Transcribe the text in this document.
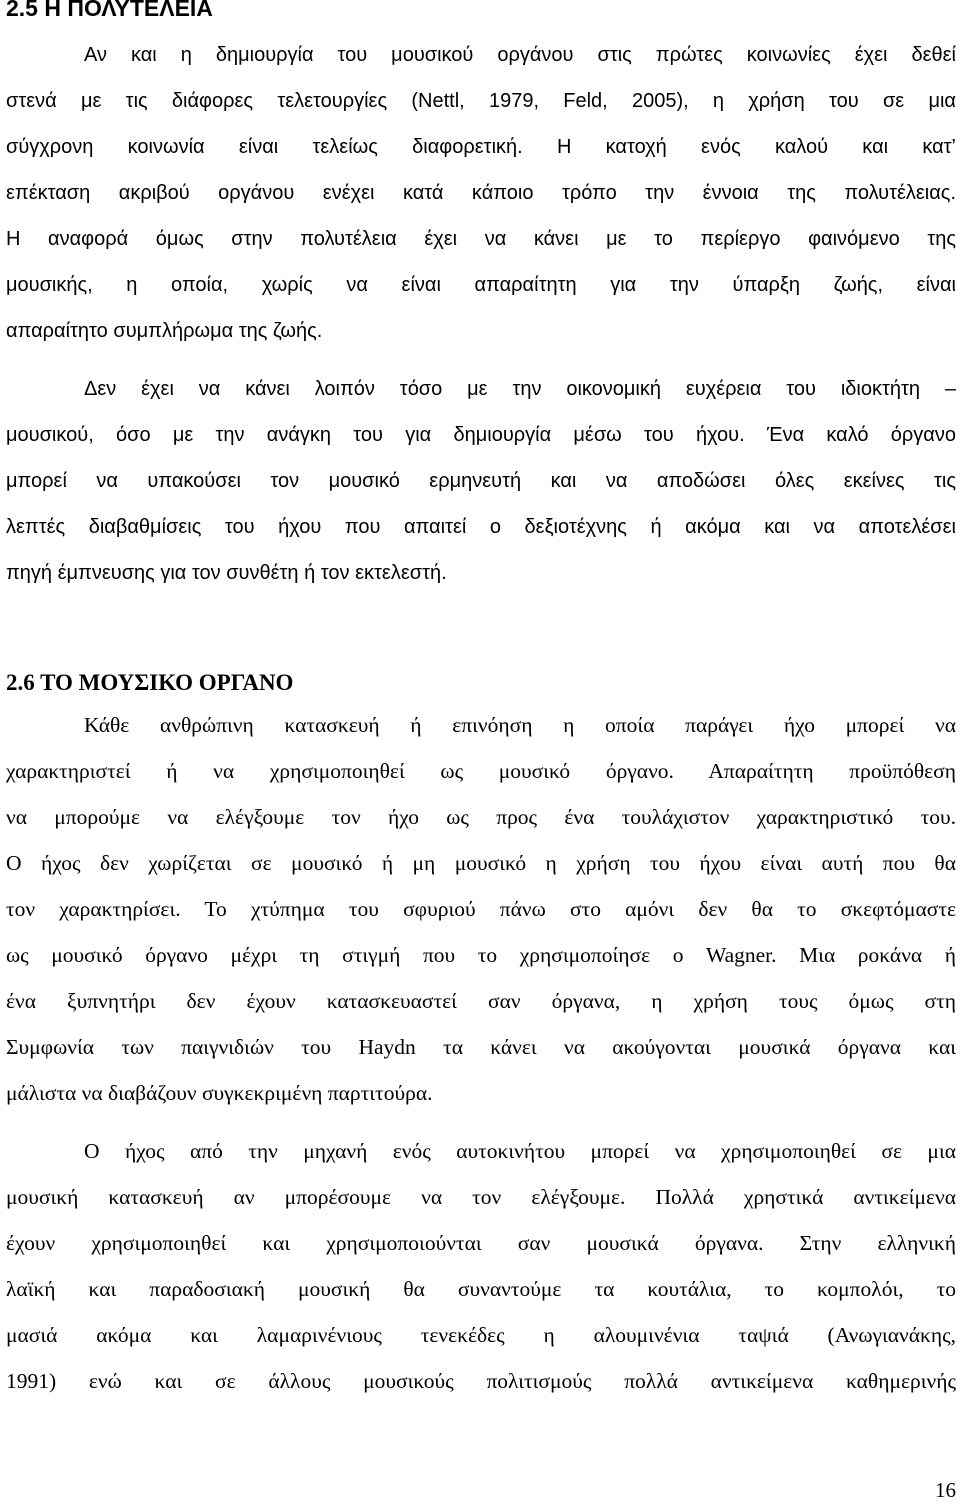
2.5 Η ΠΟΛΥΤΕΛΕΙΑ
Αν και η δημιουργία του μουσικού οργάνου στις πρώτες κοινωνίες έχει δεθεί
στενά με τις διάφορες τελετουργίες (Nettl, 1979, Feld, 2005), η χρήση του σε μια
σύγχρονη κοινωνία είναι τελείως διαφορετική. Η κατοχή ενός καλού και κατ’
επέκταση ακριβού οργάνου ενέχει κατά κάποιο τρόπο την έννοια της πολυτέλειας.
Η αναφορά όμως στην πολυτέλεια έχει να κάνει με το περίεργο φαινόμενο της
μουσικής, η οποία, χωρίς να είναι απαραίτητη για την ύπαρξη ζωής, είναι
απαραίτητο συμπλήρωμα της ζωής.
Δεν έχει να κάνει λοιπόν τόσο με την οικονομική ευχέρεια του ιδιοκτήτη –
μουσικού, όσο με την ανάγκη του για δημιουργία μέσω του ήχου. Ένα καλό όργανο
μπορεί να υπακούσει τον μουσικό ερμηνευτή και να αποδώσει όλες εκείνες τις
λεπτές διαβαθμίσεις του ήχου που απαιτεί ο δεξιοτέχνης ή ακόμα και να αποτελέσει
πηγή έμπνευσης για τον συνθέτη ή τον εκτελεστή.
2.6 ΤΟ ΜΟΥΣΙΚΟ ΟΡΓΑΝΟ
Κάθε ανθρώπινη κατασκευή ή επινόηση η οποία παράγει ήχο μπορεί να
χαρακτηριστεί ή να χρησιμοποιηθεί ως μουσικό όργανο. Απαραίτητη προϋπόθεση
να μπορούμε να ελέγξουμε τον ήχο ως προς ένα τουλάχιστον χαρακτηριστικό του.
Ο ήχος δεν χωρίζεται σε μουσικό ή μη μουσικό η χρήση του ήχου είναι αυτή που θα
τον χαρακτηρίσει. Το χτύπημα του σφυριού πάνω στο αμόνι δεν θα το σκεφτόμαστε
ως μουσικό όργανο μέχρι τη στιγμή που το χρησιμοποίησε ο Wagner. Μια ροκάνα ή
ένα ξυπνητήρι δεν έχουν κατασκευαστεί σαν όργανα, η χρήση τους όμως στη
Συμφωνία των παιγνιδιών του Haydn τα κάνει να ακούγονται μουσικά όργανα και
μάλιστα να διαβάζουν συγκεκριμένη παρτιτούρα.
Ο ήχος από την μηχανή ενός αυτοκινήτου μπορεί να χρησιμοποιηθεί σε μια
μουσική κατασκευή αν μπορέσουμε να τον ελέγξουμε. Πολλά χρηστικά αντικείμενα
έχουν χρησιμοποιηθεί και χρησιμοποιούνται σαν μουσικά όργανα. Στην ελληνική
λαϊκή και παραδοσιακή μουσική θα συναντούμε τα κουτάλια, το κομπολόι, το
μασιά ακόμα και λαμαρινένιους τενεκέδες η αλουμινένια ταψιά (Ανωγιανάκης,
1991) ενώ και σε άλλους μουσικούς πολιτισμούς πολλά αντικείμενα καθημερινής
16
